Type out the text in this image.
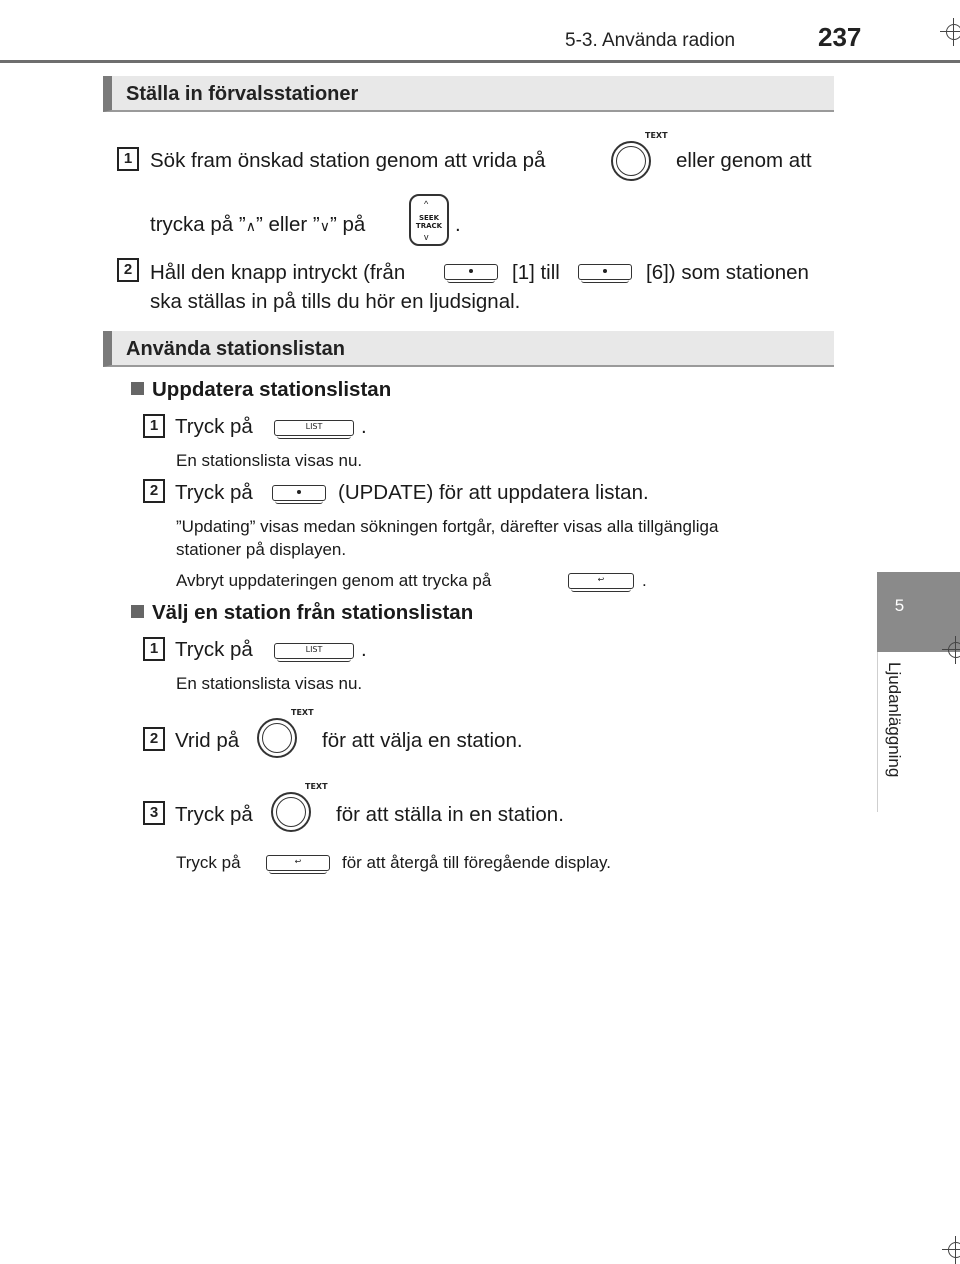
5-3. Använda radion	237
5
Ljudanläggning
Ställa in förvalsstationer
1 Sök fram önskad station genom att vrida på
TEXT
eller genom att
trycka på ”∧” eller ”∨” på
^
SEEK
TRACK
v
.
2 Håll den knapp intryckt (från	[1] till	[6]) som stationen
ska ställas in på tills du hör en ljudsignal.
Använda stationslistan
Uppdatera stationslistan
1 Tryck på	LIST	.
En stationslista visas nu.
2 Tryck på	(UPDATE) för att uppdatera listan.
”Updating” visas medan sökningen fortgår, därefter visas alla tillgängliga
stationer på displayen.
Avbryt uppdateringen genom att trycka på	↩	.
Välj en station från stationslistan
1 Tryck på	LIST	.
En stationslista visas nu.
2 Vrid på
TEXT
för att välja en station.
3 Tryck på
TEXT
för att ställa in en station.
Tryck på	↩	för att återgå till föregående display.
